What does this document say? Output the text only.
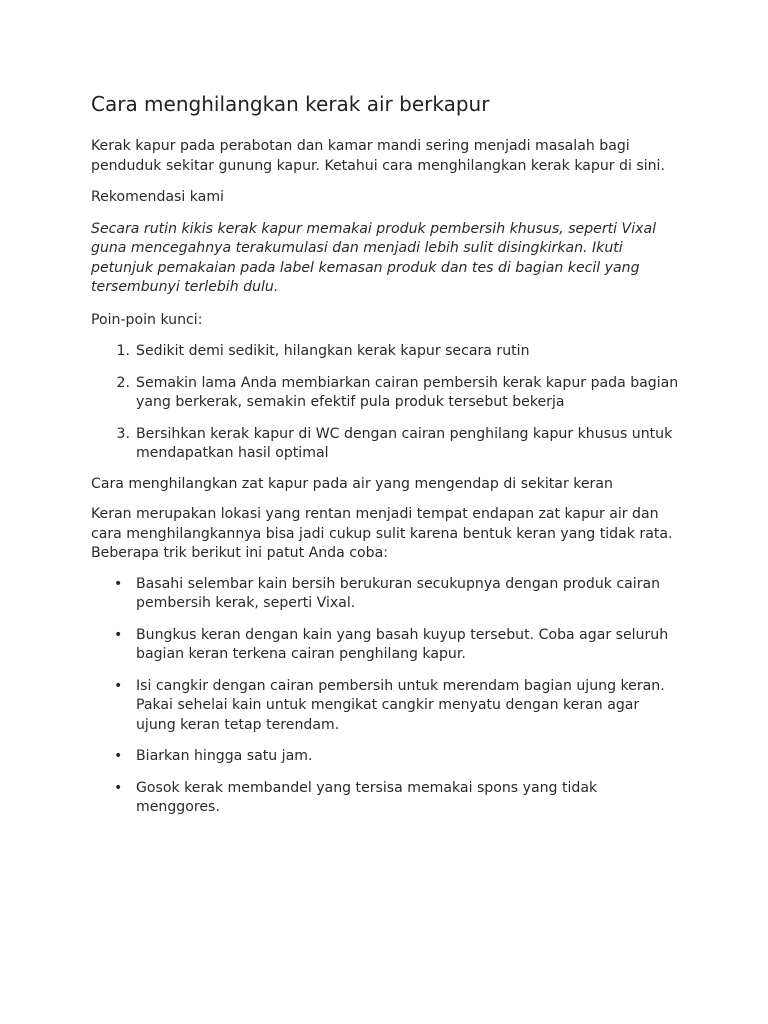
Cara menghilangkan kerak air berkapur

Kerak kapur pada perabotan dan kamar mandi sering menjadi masalah bagi penduduk sekitar gunung kapur. Ketahui cara menghilangkan kerak kapur di sini.

Rekomendasi kami

Secara rutin kikis kerak kapur memakai produk pembersih khusus, seperti Vixal guna mencegahnya terakumulasi dan menjadi lebih sulit disingkirkan. Ikuti petunjuk pemakaian pada label kemasan produk dan tes di bagian kecil yang tersembunyi terlebih dulu.

Poin-poin kunci:

1. Sedikit demi sedikit, hilangkan kerak kapur secara rutin
2. Semakin lama Anda membiarkan cairan pembersih kerak kapur pada bagian yang berkerak, semakin efektif pula produk tersebut bekerja
3. Bersihkan kerak kapur di WC dengan cairan penghilang kapur khusus untuk mendapatkan hasil optimal

Cara menghilangkan zat kapur pada air yang mengendap di sekitar keran

Keran merupakan lokasi yang rentan menjadi tempat endapan zat kapur air dan cara menghilangkannya bisa jadi cukup sulit karena bentuk keran yang tidak rata. Beberapa trik berikut ini patut Anda coba:

• Basahi selembar kain bersih berukuran secukupnya dengan produk cairan pembersih kerak, seperti Vixal.
• Bungkus keran dengan kain yang basah kuyup tersebut. Coba agar seluruh bagian keran terkena cairan penghilang kapur.
• Isi cangkir dengan cairan pembersih untuk merendam bagian ujung keran. Pakai sehelai kain untuk mengikat cangkir menyatu dengan keran agar ujung keran tetap terendam.
• Biarkan hingga satu jam.
• Gosok kerak membandel yang tersisa memakai spons yang tidak menggores.
